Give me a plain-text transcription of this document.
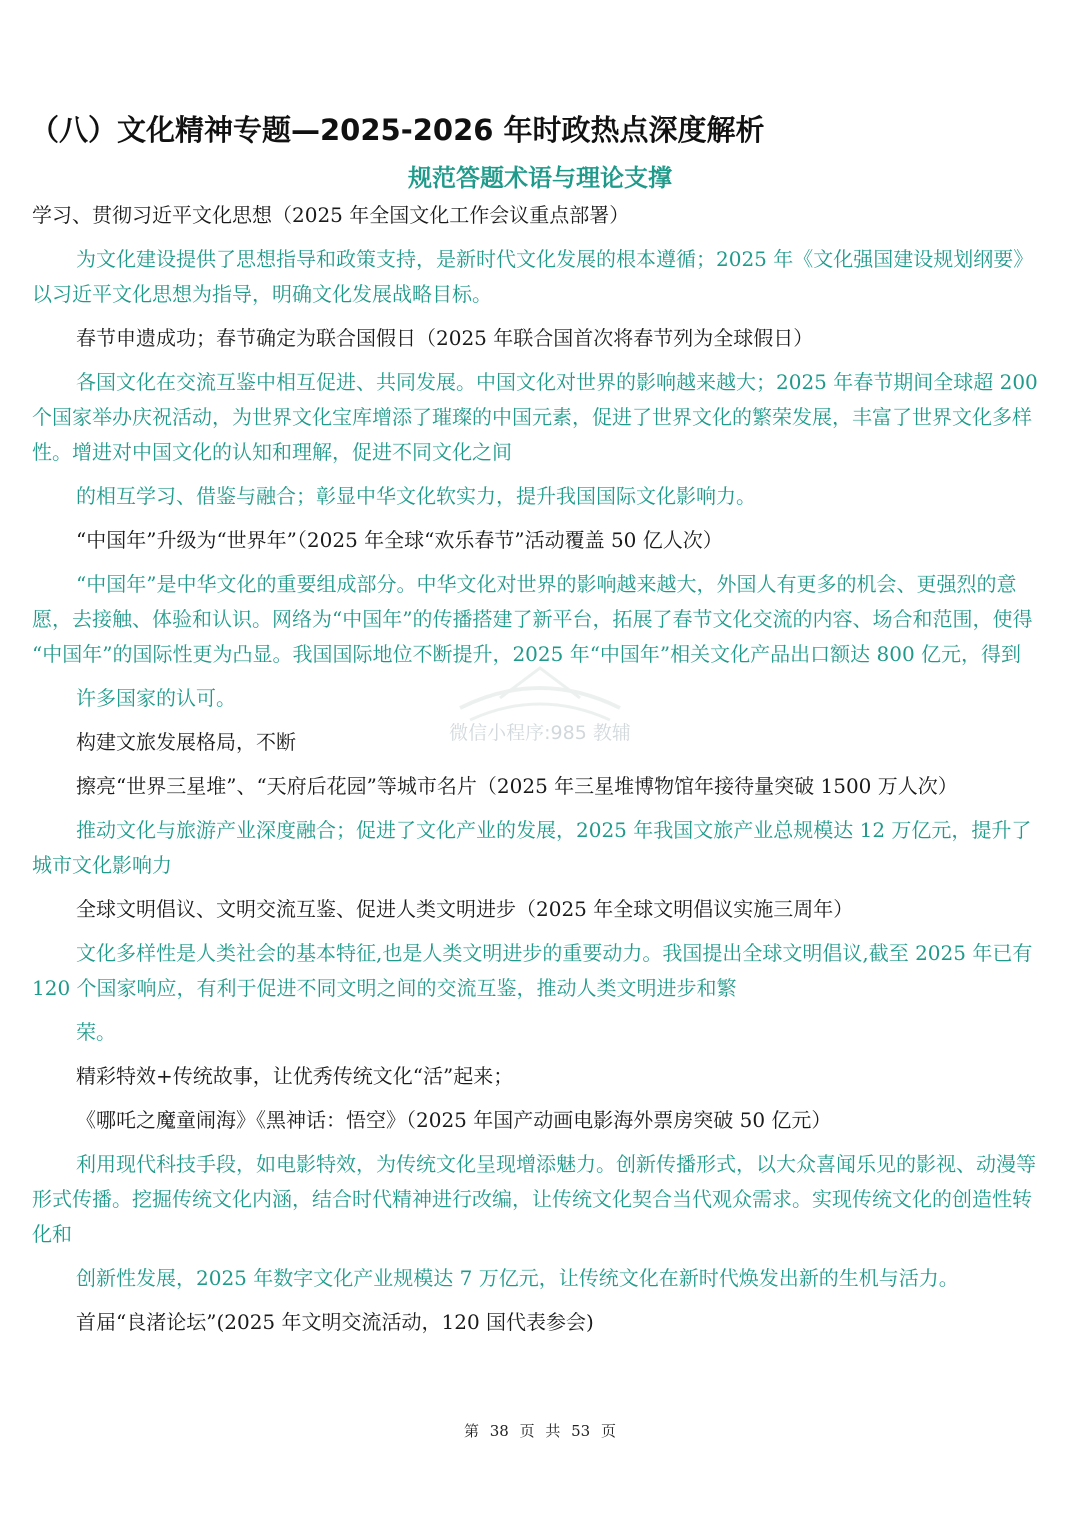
（八）文化精神专题—2025-2026 年时政热点深度解析
规范答题术语与理论支撑

学习、贯彻习近平文化思想（2025 年全国文化工作会议重点部署）

为文化建设提供了思想指导和政策支持，是新时代文化发展的根本遵循；2025 年《文化强国建设规划纲要》以习近平文化思想为指导，明确文化发展战略目标。

春节申遗成功；春节确定为联合国假日（2025 年联合国首次将春节列为全球假日）

各国文化在交流互鉴中相互促进、共同发展。中国文化对世界的影响越来越大；2025 年春节期间全球超 200 个国家举办庆祝活动，为世界文化宝库增添了璀璨的中国元素，促进了世界文化的繁荣发展，丰富了世界文化多样性。增进对中国文化的认知和理解，促进不同文化之间

的相互学习、借鉴与融合；彰显中华文化软实力，提升我国国际文化影响力。

“中国年”升级为“世界年”（2025 年全球“欢乐春节”活动覆盖 50 亿人次）

“中国年”是中华文化的重要组成部分。中华文化对世界的影响越来越大，外国人有更多的机会、更强烈的意愿，去接触、体验和认识。网络为“中国年”的传播搭建了新平台，拓展了春节文化交流的内容、场合和范围，使得 “中国年”的国际性更为凸显。我国国际地位不断提升，2025 年“中国年”相关文化产品出口额达 800 亿元，得到

许多国家的认可。

构建文旅发展格局，不断

擦亮“世界三星堆”、“天府后花园”等城市名片（2025 年三星堆博物馆年接待量突破 1500 万人次）

推动文化与旅游产业深度融合；促进了文化产业的发展，2025 年我国文旅产业总规模达 12 万亿元，提升了城市文化影响力

全球文明倡议、文明交流互鉴、促进人类文明进步（2025 年全球文明倡议实施三周年）

文化多样性是人类社会的基本特征,也是人类文明进步的重要动力。我国提出全球文明倡议,截至 2025 年已有 120 个国家响应，有利于促进不同文明之间的交流互鉴，推动人类文明进步和繁

荣。

精彩特效+传统故事，让优秀传统文化“活”起来；

《哪吒之魔童闹海》《黑神话：悟空》（2025 年国产动画电影海外票房突破 50 亿元）

利用现代科技手段，如电影特效，为传统文化呈现增添魅力。创新传播形式，以大众喜闻乐见的影视、动漫等形式传播。挖掘传统文化内涵，结合时代精神进行改编，让传统文化契合当代观众需求。实现传统文化的创造性转化和

创新性发展，2025 年数字文化产业规模达 7 万亿元，让传统文化在新时代焕发出新的生机与活力。

首届“良渚论坛”(2025 年文明交流活动，120 国代表参会)

微信小程序:985 教辅
第 38 页 共 53 页
